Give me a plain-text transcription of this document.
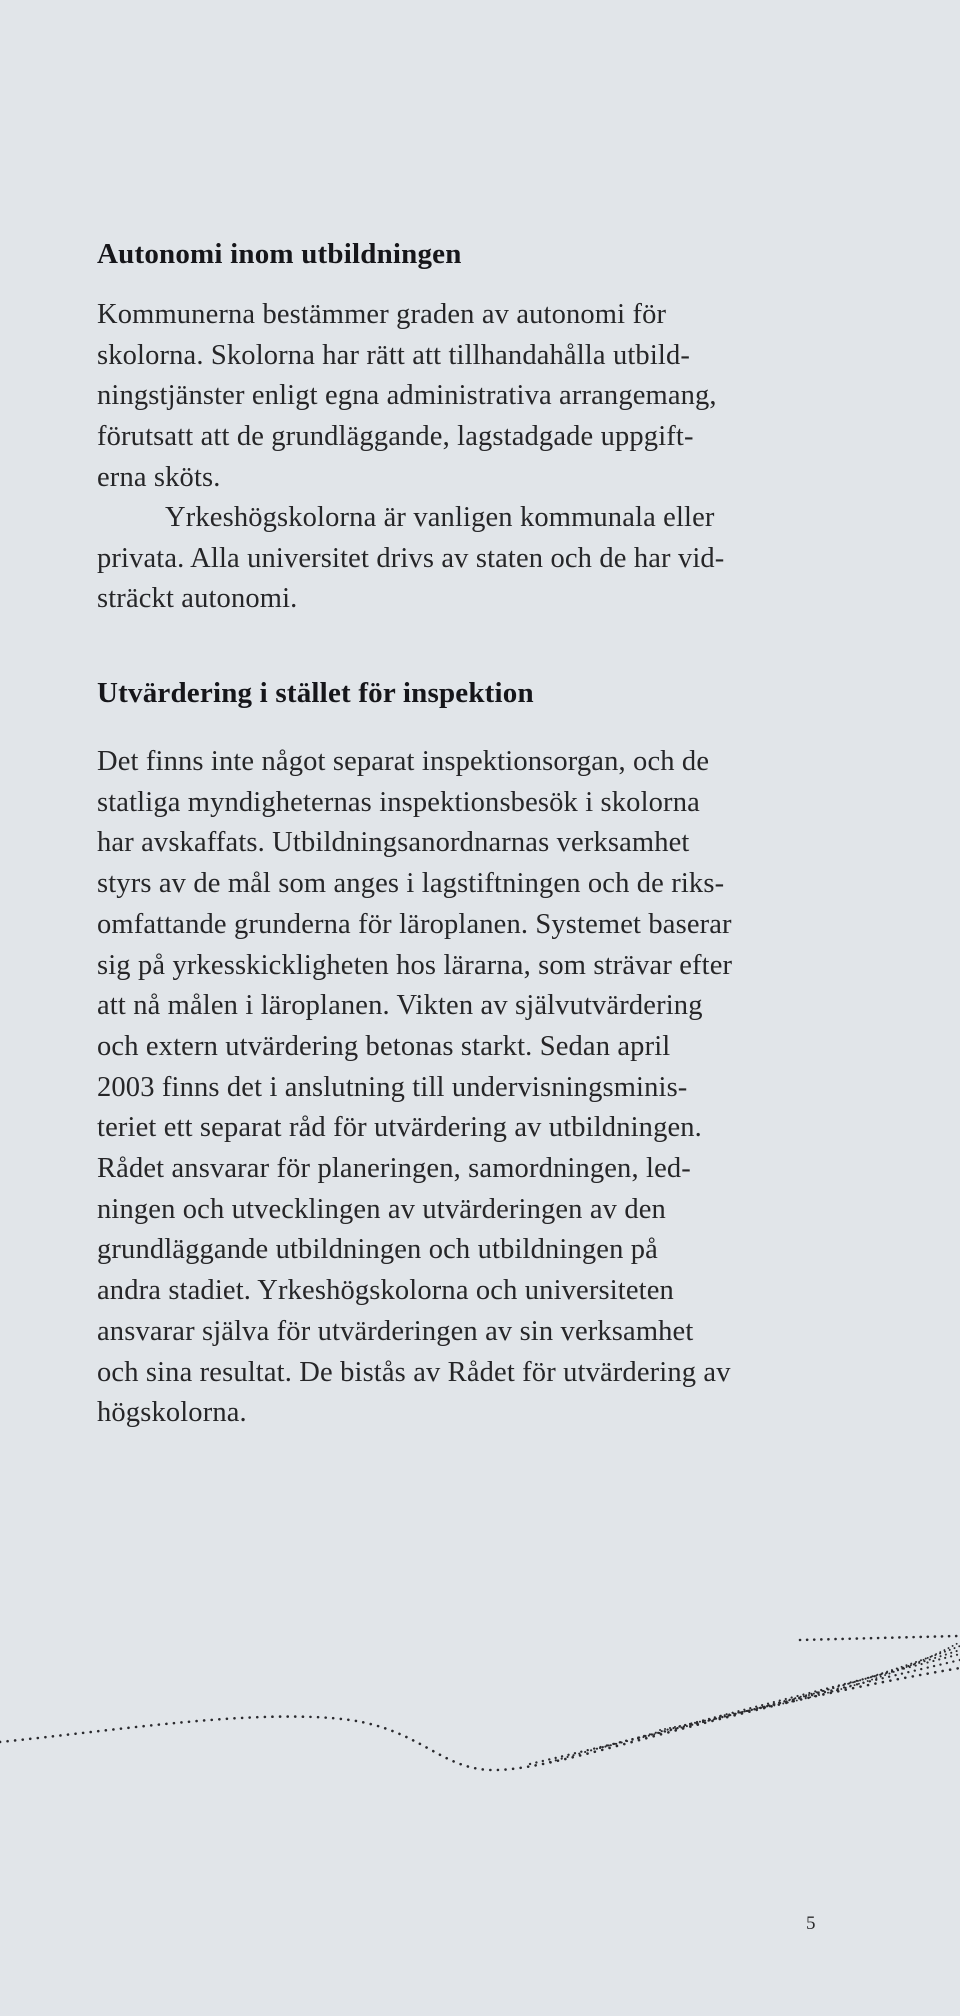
Autonomi inom utbildningen

Kommunerna bestämmer graden av autonomi för
skolorna. Skolorna har rätt att tillhandahålla utbild-
ningstjänster enligt egna administrativa arrangemang,
förutsatt att de grundläggande, lagstadgade uppgift-
erna sköts.

Yrkeshögskolorna är vanligen kommunala eller
privata. Alla universitet drivs av staten och de har vid-
sträckt autonomi.

Utvärdering i stället för inspektion

Det finns inte något separat inspektionsorgan, och de
statliga myndigheternas inspektionsbesök i skolorna
har avskaffats. Utbildningsanordnarnas verksamhet
styrs av de mål som anges i lagstiftningen och de riks-
omfattande grunderna för läroplanen. Systemet baserar
sig på yrkesskickligheten hos lärarna, som strävar efter
att nå målen i läroplanen. Vikten av självutvärdering
och extern utvärdering betonas starkt. Sedan april
2003 finns det i anslutning till undervisningsminis-
teriet ett separat råd för utvärdering av utbildningen.
Rådet ansvarar för planeringen, samordningen, led-
ningen och utvecklingen av utvärderingen av den
grundläggande utbildningen och utbildningen på
andra stadiet. Yrkeshögskolorna och universiteten
ansvarar själva för utvärderingen av sin verksamhet
och sina resultat. De bistås av Rådet för utvärdering av
högskolorna.

5
